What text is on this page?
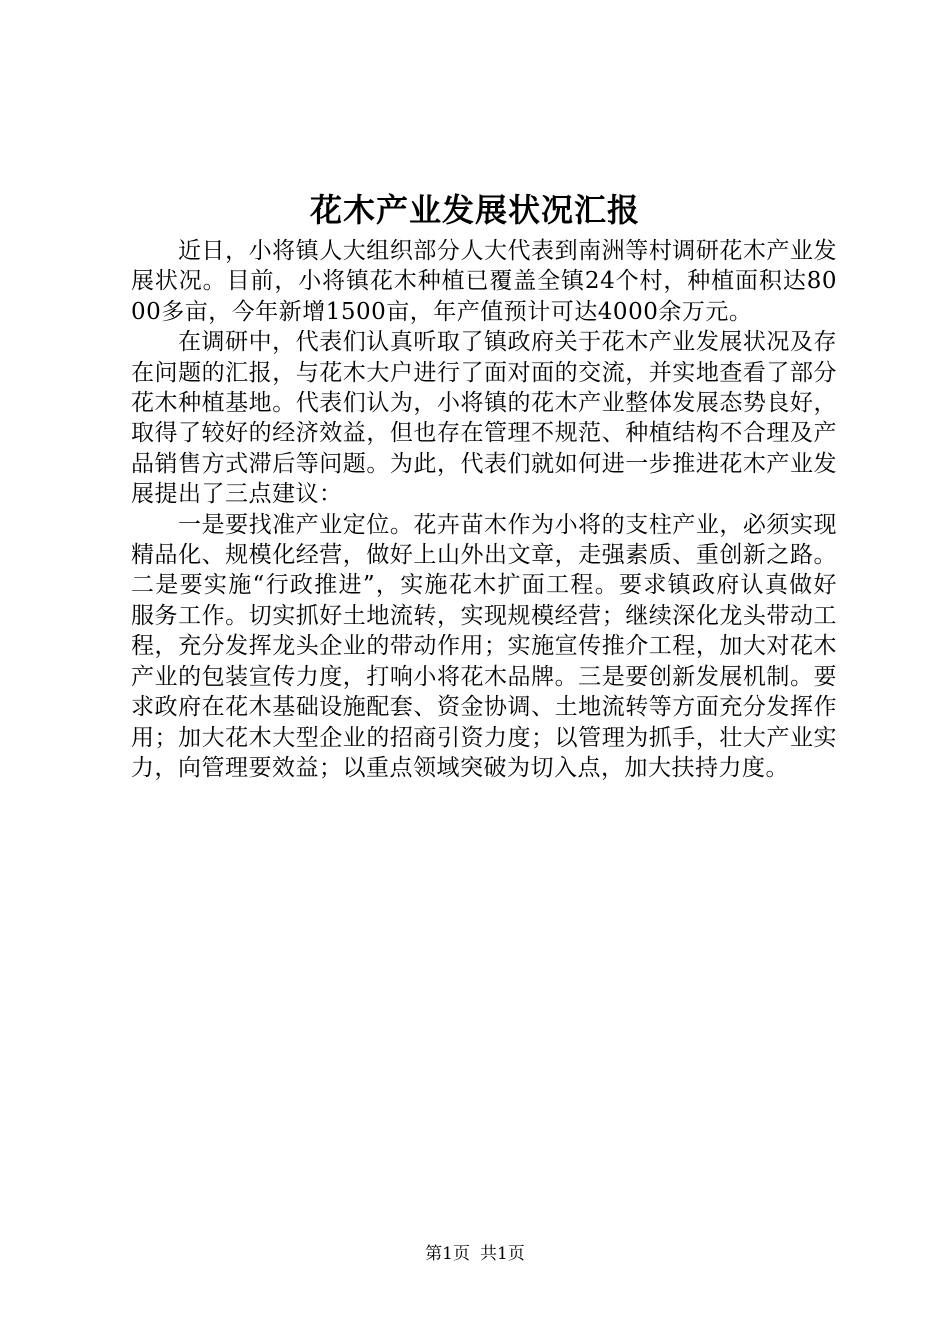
花木产业发展状况汇报

近日，小将镇人大组织部分人大代表到南洲等村调研花木产业发展状况。目前，小将镇花木种植已覆盖全镇24个村，种植面积达8000多亩，今年新增1500亩，年产值预计可达4000余万元。

在调研中，代表们认真听取了镇政府关于花木产业发展状况及存在问题的汇报，与花木大户进行了面对面的交流，并实地查看了部分花木种植基地。代表们认为，小将镇的花木产业整体发展态势良好，取得了较好的经济效益，但也存在管理不规范、种植结构不合理及产品销售方式滞后等问题。为此，代表们就如何进一步推进花木产业发展提出了三点建议：

一是要找准产业定位。花卉苗木作为小将的支柱产业，必须实现精品化、规模化经营，做好上山外出文章，走强素质、重创新之路。二是要实施“行政推进”，实施花木扩面工程。要求镇政府认真做好服务工作。切实抓好土地流转，实现规模经营；继续深化龙头带动工程，充分发挥龙头企业的带动作用；实施宣传推介工程，加大对花木产业的包装宣传力度，打响小将花木品牌。三是要创新发展机制。要求政府在花木基础设施配套、资金协调、土地流转等方面充分发挥作用；加大花木大型企业的招商引资力度；以管理为抓手，壮大产业实力，向管理要效益；以重点领域突破为切入点，加大扶持力度。

第1页 共1页
